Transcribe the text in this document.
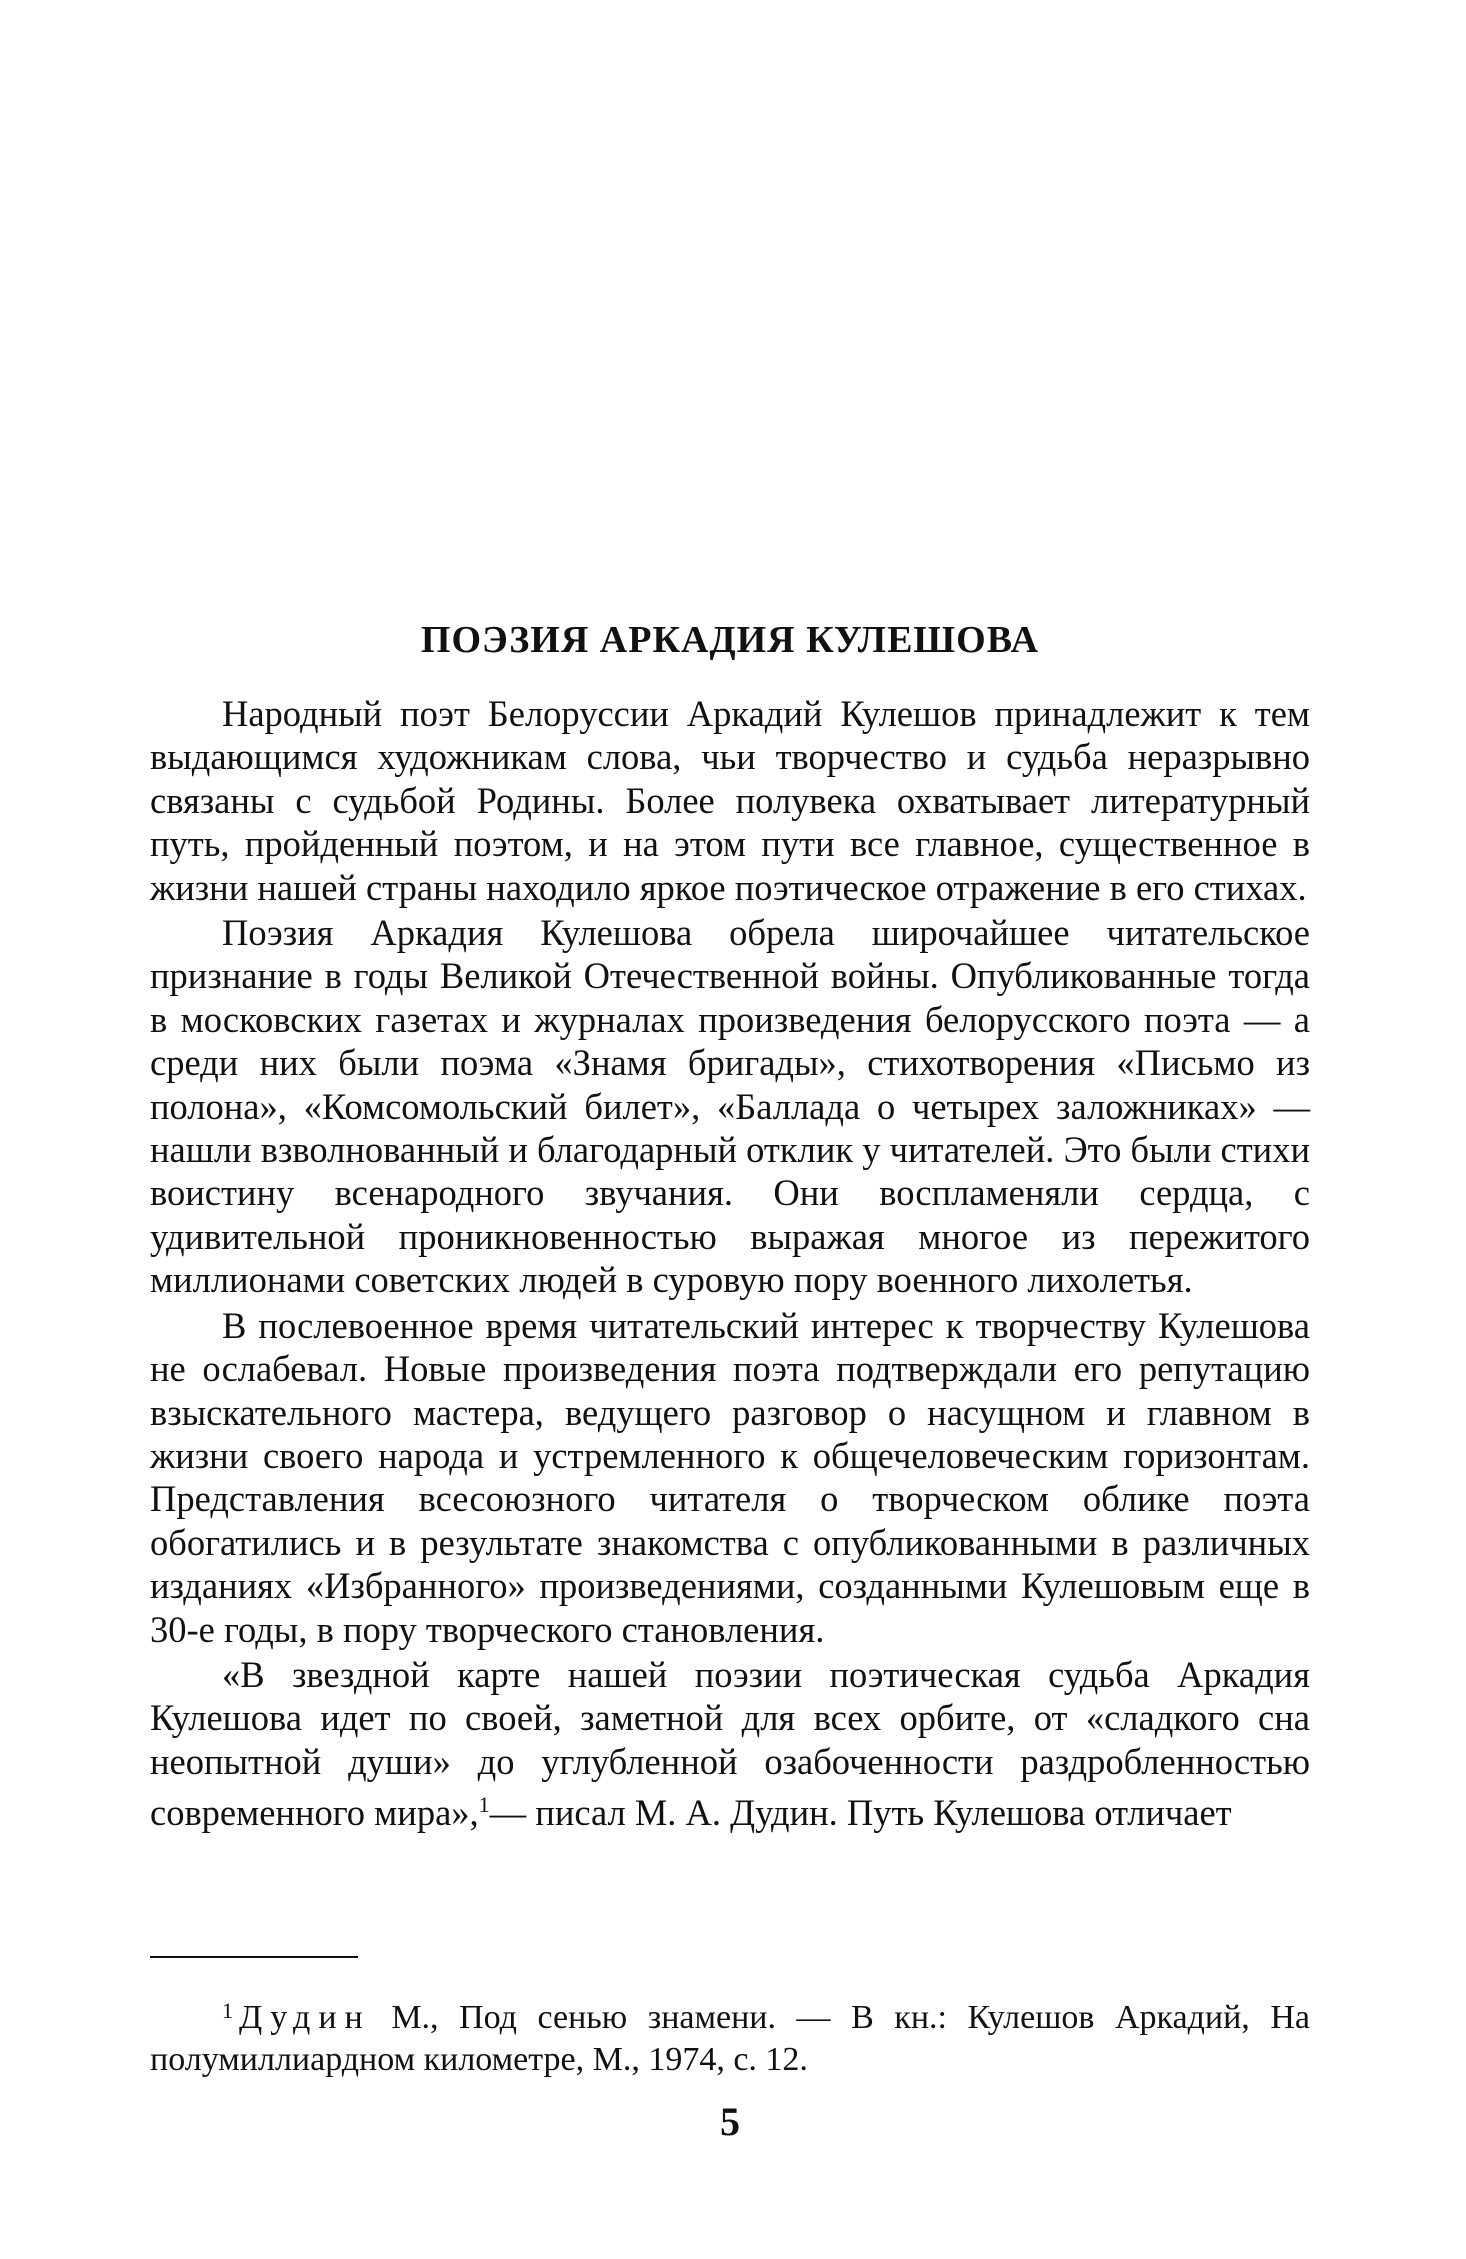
ПОЭЗИЯ АРКАДИЯ КУЛЕШОВА

Народный поэт Белоруссии Аркадий Кулешов принадлежит к тем выдающимся художникам слова, чьи творчество и судьба неразрывно связаны с судьбой Родины. Более полувека охватывает литературный путь, пройденный поэтом, и на этом пути все главное, существенное в жизни нашей страны находило яркое поэтическое отражение в его стихах.

Поэзия Аркадия Кулешова обрела широчайшее читательское признание в годы Великой Отечественной войны. Опубликованные тогда в московских газетах и журналах произведения белорусского поэта — а среди них были поэма «Знамя бригады», стихотворения «Письмо из полона», «Комсомольский билет», «Баллада о четырех заложниках» — нашли взволнованный и благодарный отклик у читателей. Это были стихи воистину всенародного звучания. Они воспламеняли сердца, с удивительной проникновенностью выражая многое из пережитого миллионами советских людей в суровую пору военного лихолетья.

В послевоенное время читательский интерес к творчеству Кулешова не ослабевал. Новые произведения поэта подтверждали его репутацию взыскательного мастера, ведущего разговор о насущном и главном в жизни своего народа и устремленного к общечеловеческим горизонтам. Представления всесоюзного читателя о творческом облике поэта обогатились и в результате знакомства с опубликованными в различных изданиях «Избранного» произведениями, созданными Кулешовым еще в 30-е годы, в пору творческого становления.

«В звездной карте нашей поэзии поэтическая судьба Аркадия Кулешова идет по своей, заметной для всех орбите, от «сладкого сна неопытной души» до углубленной озабоченности раздробленностью современного мира»,$^1$— писал М. А. Дудин. Путь Кулешова отличает

$^1$ Дудин М., Под сенью знамени. — В кн.: Кулешов Аркадий, На полумиллиардном километре, М., 1974, с. 12.

5
